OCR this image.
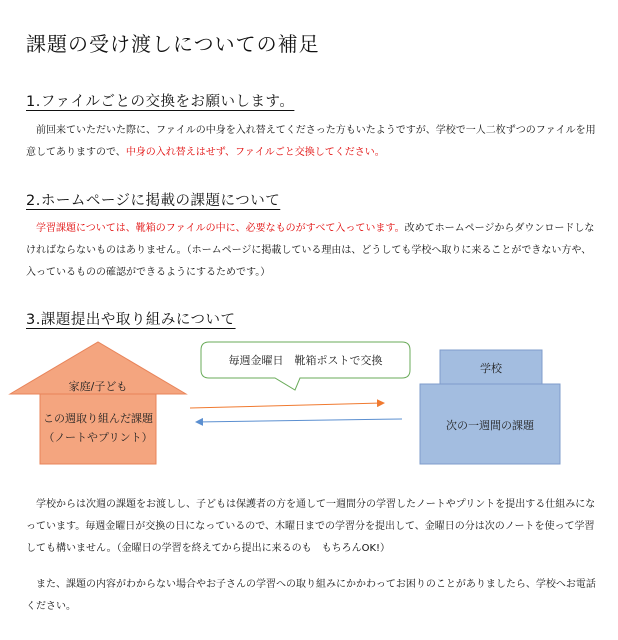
課題の受け渡しについての補足
1.ファイルごとの交換をお願いします。
　前回来ていただいた際に、ファイルの中身を入れ替えてくださった方もいたようですが、学校で一人二枚ずつのファイルを用意してありますので、中身の入れ替えはせず、ファイルごと交換してください。
2.ホームページに掲載の課題について
　学習課題については、靴箱のファイルの中に、必要なものがすべて入っています。改めてホームページからダウンロードしなければならないものはありません。（ホームページに掲載している理由は、どうしても学校へ取りに来ることができない方や、入っているものの確認ができるようにするためです。）
3.課題提出や取り組みについて
家庭/子ども
この週取り組んだ課題
（ノートやプリント）
毎週金曜日　靴箱ポストで交換
学校
次の一週間の課題
　学校からは次週の課題をお渡しし、子どもは保護者の方を通して一週間分の学習したノートやプリントを提出する仕組みになっています。毎週金曜日が交換の日になっているので、木曜日までの学習分を提出して、金曜日の分は次のノートを使って学習しても構いません。（金曜日の学習を終えてから提出に来るのも　もちろんOK!）
　また、課題の内容がわからない場合やお子さんの学習への取り組みにかかわってお困りのことがありましたら、学校へお電話ください。
